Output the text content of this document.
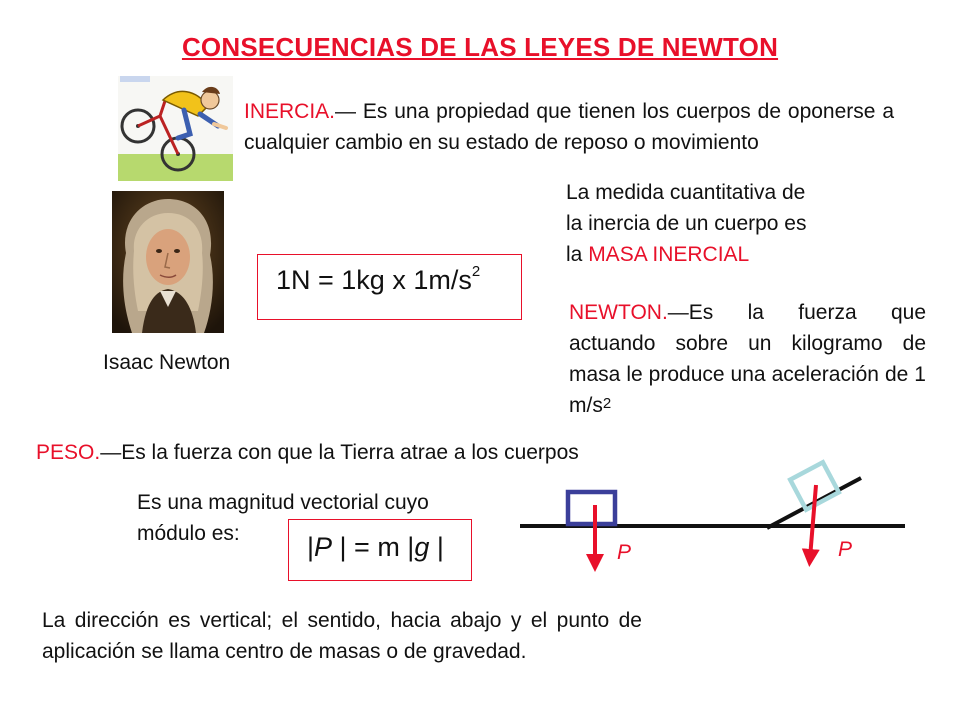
CONSECUENCIAS DE LAS LEYES DE NEWTON
INERCIA.— Es una propiedad que tienen los cuerpos de oponerse a cualquier cambio en su estado de reposo o movimiento
La medida cuantitativa de
la inercia de un cuerpo es
la MASA INERCIAL
1N = 1kg x $1m/s^2$
Isaac Newton
NEWTON.—Es la fuerza que actuando sobre un kilogramo de masa le produce una aceleración de 1 $m/s^2$
PESO.—Es la fuerza con que la Tierra atrae a los cuerpos
Es una magnitud vectorial cuyo
módulo es:	|P | = m |g |	P	P
La dirección es vertical; el sentido, hacia abajo y el punto de aplicación se llama centro de masas o de gravedad.
